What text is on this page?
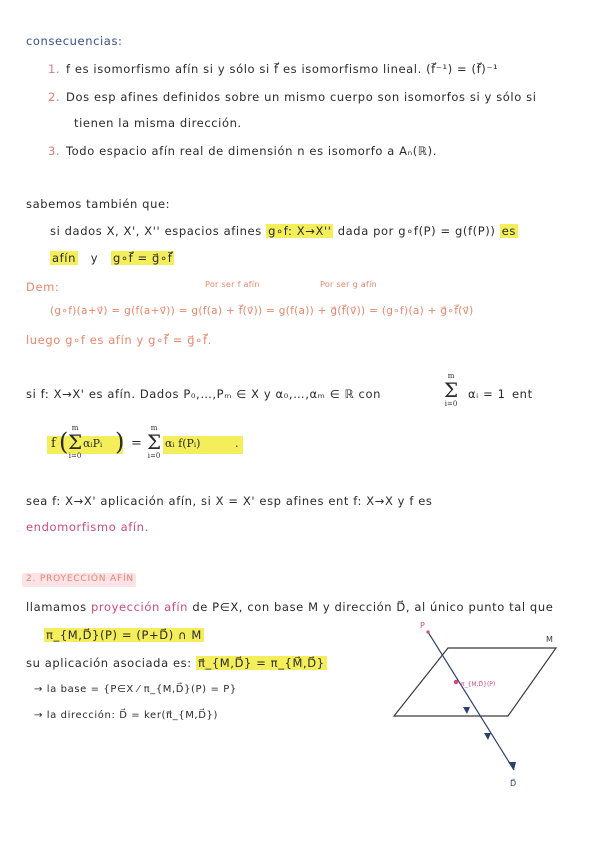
consecuencias:
1. f es isomorfismo afín si y sólo si f⃗ es isomorfismo lineal. (f⃗⁻¹) = (f⃗)⁻¹
2. Dos esp afines definidos sobre un mismo cuerpo son isomorfos si y sólo si
tienen la misma dirección.
3. Todo espacio afín real de dimensión n es isomorfo a Aₙ(ℝ).
sabemos también que:
si dados X, X', X'' espacios afines g∘f: X→X'' dada por g∘f(P) = g(f(P)) es
afín y g∘f⃗ = g⃗∘f⃗
Dem:	Por ser f afín	Por ser g afín
(g∘f)(a+v⃗) = g(f(a+v⃗)) = g(f(a) + f⃗(v⃗)) = g(f(a)) + g⃗(f⃗(v⃗)) = (g∘f)(a) + g⃗∘f⃗(v⃗)
luego g∘f es afín y g∘f⃗ = g⃗∘f⃗.
si f: X→X' es afín. Dados P₀,…,Pₘ ∈ X y α₀,…,αₘ ∈ ℝ con
m
Σ
i=0
αᵢ = 1 ent
f ( m
Σ
i=0
αᵢPᵢ ) =
m
Σ
i=0
αᵢ f(Pᵢ)	.
sea f: X→X' aplicación afín, si X = X' esp afines ent f: X→X y f es
endomorfismo afín.
2. PROYECCIÓN AFÍN
llamamos proyección afín de P∈X, con base M y dirección D⃗, al único punto tal que
π_{M,D⃗}(P) = (P+D⃗) ∩ M
su aplicación asociada es: π⃗_{M,D⃗} = π_{M⃗,D⃗}
→ la base = {P∈X ⁄ π_{M,D⃗}(P) = P}
→ la dirección: D⃗ = ker(π⃗_{M,D⃗})
P
M
π_{M,D⃗}(P)
D⃗
